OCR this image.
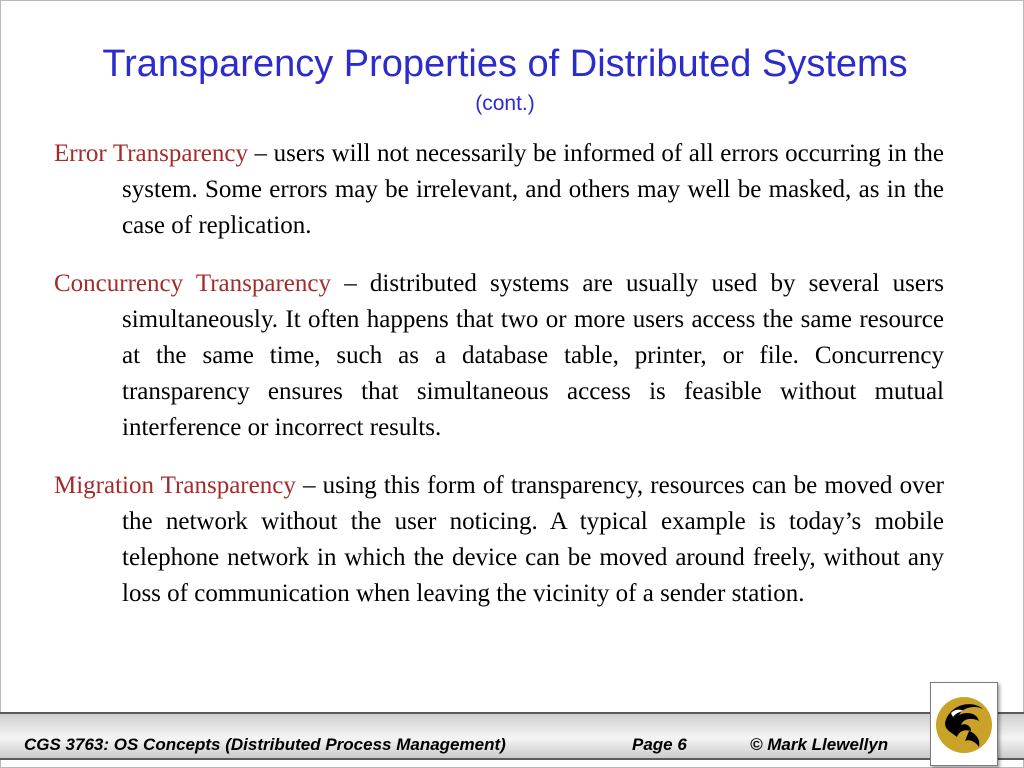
Transparency Properties of Distributed Systems
(cont.)

Error Transparency – users will not necessarily be informed of all errors occurring in the system. Some errors may be irrelevant, and others may well be masked, as in the case of replication.

Concurrency Transparency – distributed systems are usually used by several users simultaneously. It often happens that two or more users access the same resource at the same time, such as a database table, printer, or file. Concurrency transparency ensures that simultaneous access is feasible without mutual interference or incorrect results.

Migration Transparency – using this form of transparency, resources can be moved over the network without the user noticing. A typical example is today’s mobile telephone network in which the device can be moved around freely, without any loss of communication when leaving the vicinity of a sender station.

CGS 3763: OS Concepts (Distributed Process Management)	Page 6	© Mark Llewellyn
